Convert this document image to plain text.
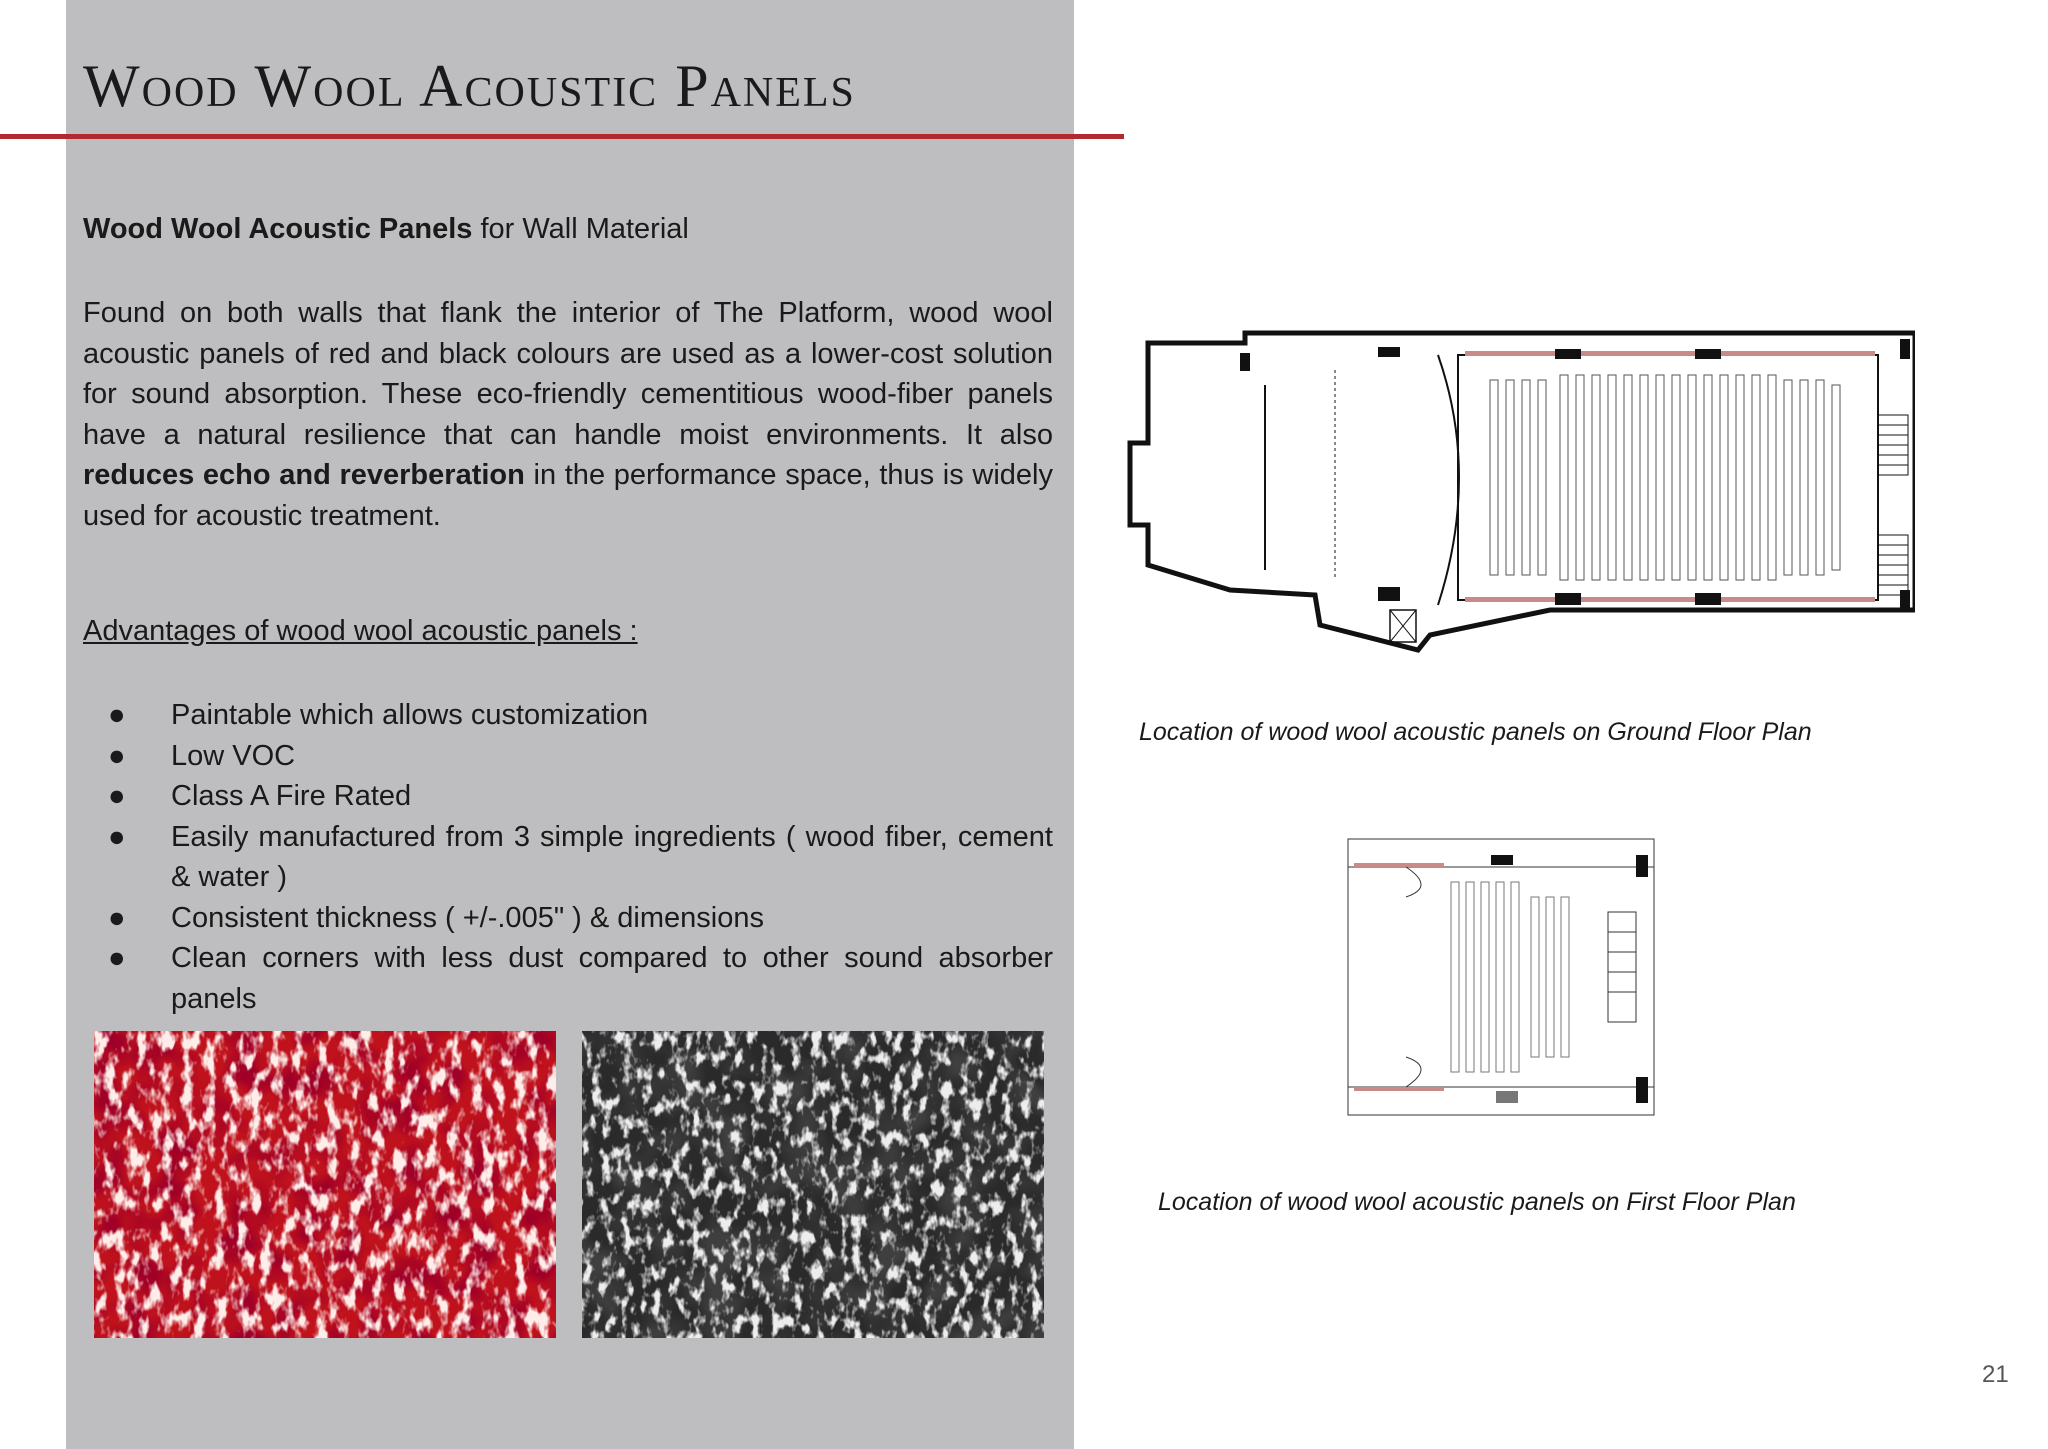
Wood Wool Acoustic Panels
Wood Wool Acoustic Panels for Wall Material

Found on both walls that flank the interior of The Platform, wood wool acoustic panels of red and black colours are used as a lower-cost solution for sound absorption. These eco-friendly cementitious wood-fiber panels have a natural resilience that can handle moist environments. It also reduces echo and reverberation in the performance space, thus is widely used for acoustic treatment.

Advantages of wood wool acoustic panels :
● Paintable which allows customization
● Low VOC
● Class A Fire Rated
● Easily manufactured from 3 simple ingredients ( wood fiber, cement & water )
● Consistent thickness ( +/-.005" ) & dimensions
● Clean corners with less dust compared to other sound absorber panels
Location of wood wool acoustic panels on Ground Floor Plan
Location of wood wool acoustic panels on First Floor Plan
21
